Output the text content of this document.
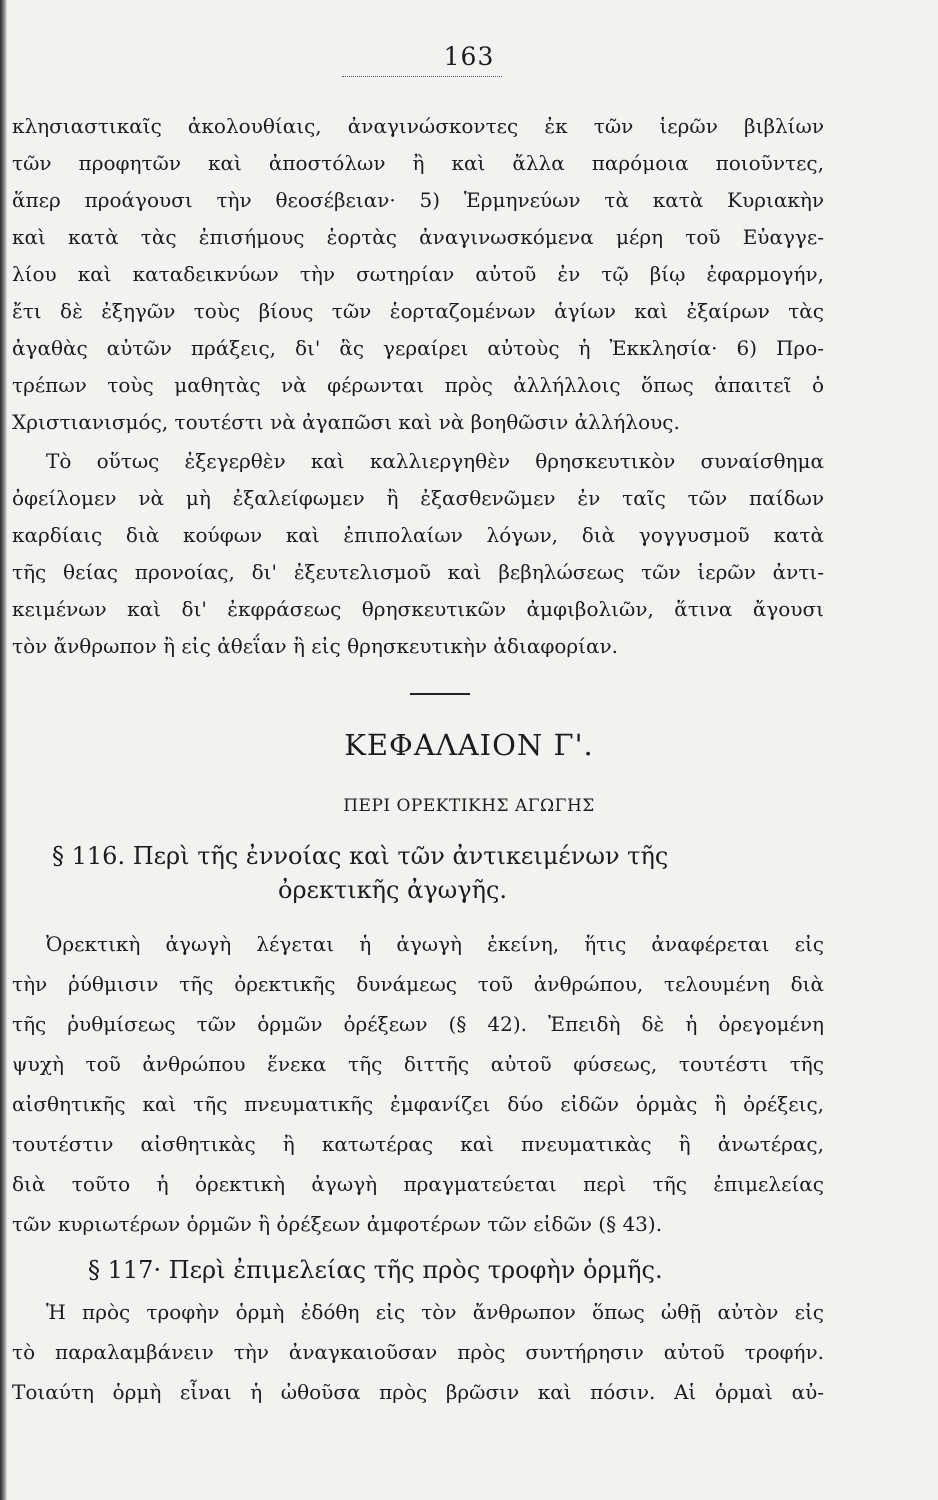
163
κλησιαστικαῖς ἀκολουθίαις, ἀναγινώσκοντες ἐκ τῶν ἱερῶν βιβλίων
τῶν προφητῶν καὶ ἀποστόλων ἢ καὶ ἄλλα παρόμοια ποιοῦντες,
ἅπερ προάγουσι τὴν θεοσέβειαν· 5) Ἑρμηνεύων τὰ κατὰ Κυριακὴν
καὶ κατὰ τὰς ἐπισήμους ἑορτὰς ἀναγινωσκόμενα μέρη τοῦ Εὐαγγε-
λίου καὶ καταδεικνύων τὴν σωτηρίαν αὐτοῦ ἐν τῷ βίῳ ἐφαρμογήν,
ἔτι δὲ ἐξηγῶν τοὺς βίους τῶν ἑορταζομένων ἁγίων καὶ ἐξαίρων τὰς
ἀγαθὰς αὐτῶν πράξεις, δι' ἃς γεραίρει αὐτοὺς ἡ Ἐκκλησία· 6) Προ-
τρέπων τοὺς μαθητὰς νὰ φέρωνται πρὸς ἀλλήλλοις ὅπως ἀπαιτεῖ ὁ
Χριστιανισμός, τουτέστι νὰ ἀγαπῶσι καὶ νὰ βοηθῶσιν ἀλλήλους.
Τὸ οὕτως ἐξεγερθὲν καὶ καλλιεργηθὲν θρησκευτικὸν συναίσθημα
ὀφείλομεν νὰ μὴ ἐξαλείφωμεν ἢ ἐξασθενῶμεν ἐν ταῖς τῶν παίδων
καρδίαις διὰ κούφων καὶ ἐπιπολαίων λόγων, διὰ γογγυσμοῦ κατὰ
τῆς θείας προνοίας, δι' ἐξευτελισμοῦ καὶ βεβηλώσεως τῶν ἱερῶν ἀντι-
κειμένων καὶ δι' ἐκφράσεως θρησκευτικῶν ἀμφιβολιῶν, ἅτινα ἄγουσι
τὸν ἄνθρωπον ἢ εἰς ἀθεΐαν ἢ εἰς θρησκευτικὴν ἀδιαφορίαν.
ΚΕΦΑΛΑΙΟΝ Γ'.
ΠΕΡΙ ΟΡΕΚΤΙΚΗΣ ΑΓΩΓΗΣ
§ 116. Περὶ τῆς ἐννοίας καὶ τῶν ἀντικειμένων τῆς
ὀρεκτικῆς ἀγωγῆς.
Ὀρεκτικὴ ἀγωγὴ λέγεται ἡ ἀγωγὴ ἐκείνη, ἥτις ἀναφέρεται εἰς
τὴν ῥύθμισιν τῆς ὀρεκτικῆς δυνάμεως τοῦ ἀνθρώπου, τελουμένη διὰ
τῆς ῥυθμίσεως τῶν ὁρμῶν ὀρέξεων (§ 42). Ἐπειδὴ δὲ ἡ ὀρεγομένη
ψυχὴ τοῦ ἀνθρώπου ἕνεκα τῆς διττῆς αὐτοῦ φύσεως, τουτέστι τῆς
αἰσθητικῆς καὶ τῆς πνευματικῆς ἐμφανίζει δύο εἰδῶν ὁρμὰς ἢ ὀρέξεις,
τουτέστιν αἰσθητικὰς ἢ κατωτέρας καὶ πνευματικὰς ἢ ἀνωτέρας,
διὰ τοῦτο ἡ ὀρεκτικὴ ἀγωγὴ πραγματεύεται περὶ τῆς ἐπιμελείας
τῶν κυριωτέρων ὁρμῶν ἢ ὀρέξεων ἀμφοτέρων τῶν εἰδῶν (§ 43).
§ 117· Περὶ ἐπιμελείας τῆς πρὸς τροφὴν ὁρμῆς.
Ἡ πρὸς τροφὴν ὁρμὴ ἐδόθη εἰς τὸν ἄνθρωπον ὅπως ὠθῇ αὐτὸν εἰς
τὸ παραλαμβάνειν τὴν ἀναγκαιοῦσαν πρὸς συντήρησιν αὐτοῦ τροφήν.
Τοιαύτη ὁρμὴ εἶναι ἡ ὠθοῦσα πρὸς βρῶσιν καὶ πόσιν. Αἱ ὁρμαὶ αὐ-
